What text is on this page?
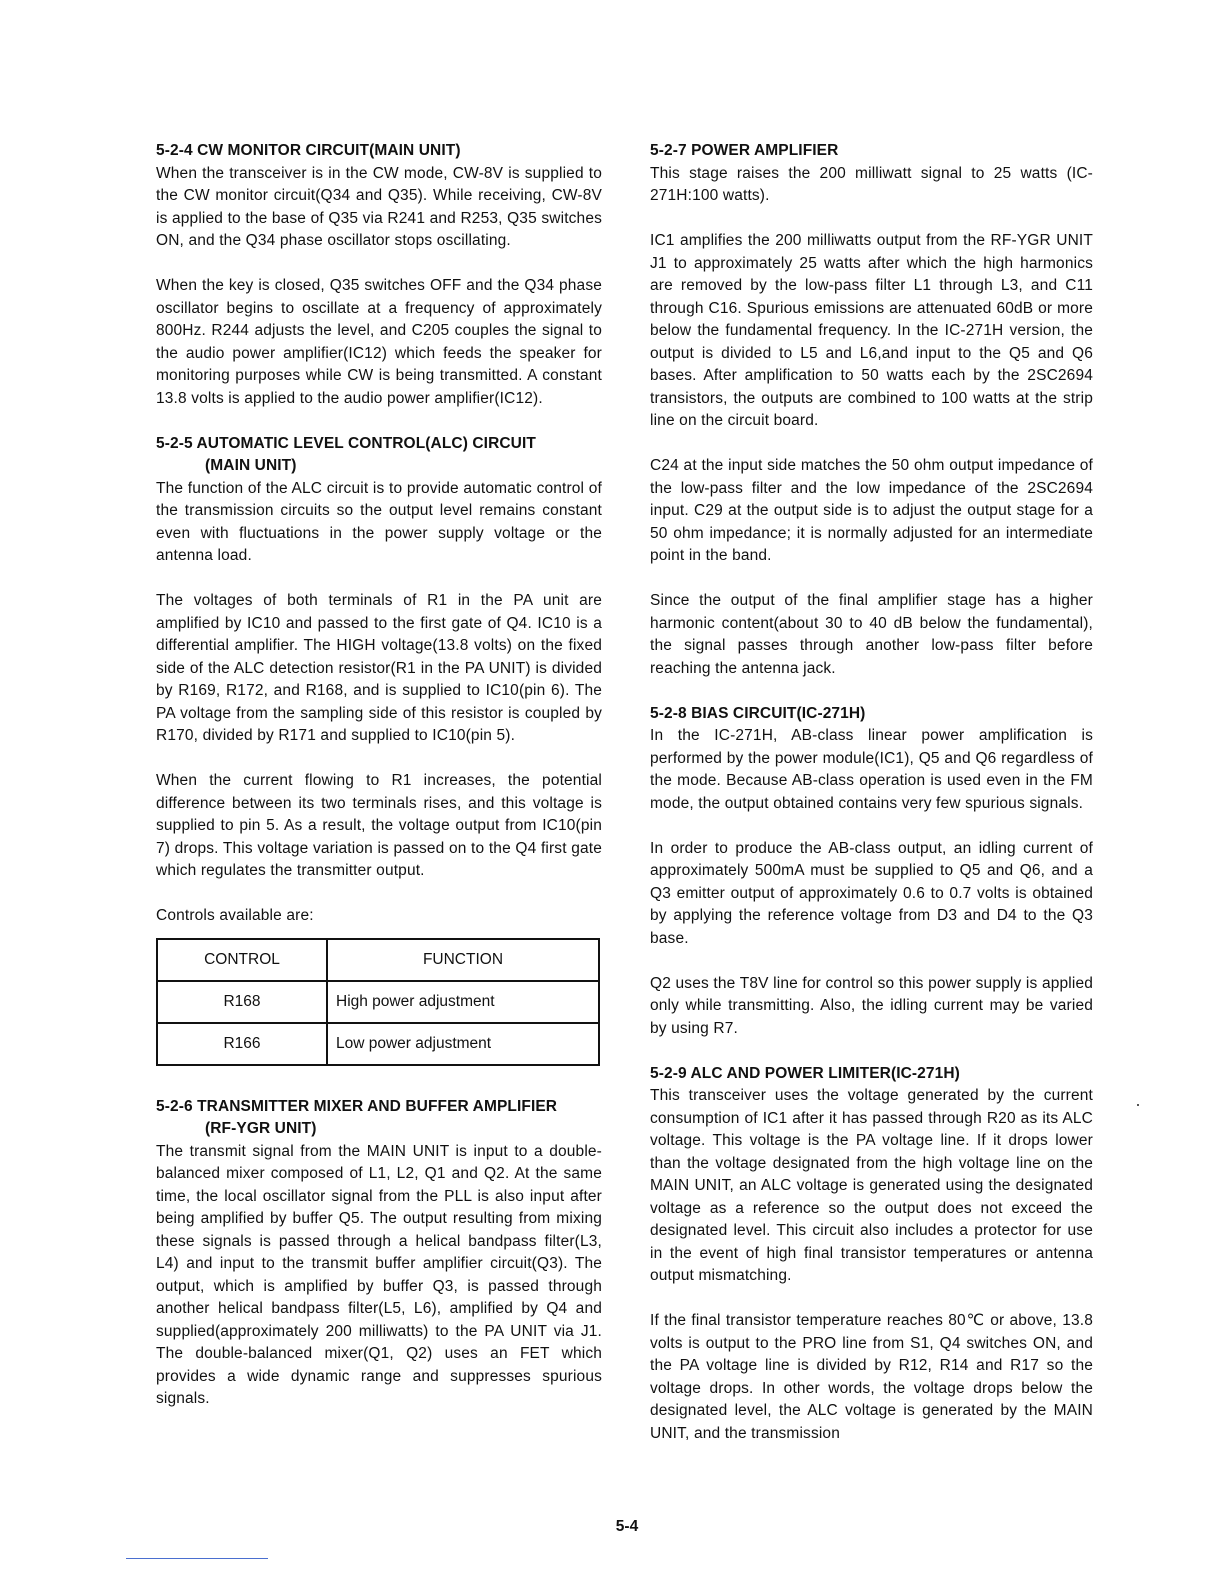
5-2-4 CW MONITOR CIRCUIT(MAIN UNIT)

When the transceiver is in the CW mode, CW-8V is supplied to the CW monitor circuit(Q34 and Q35). While receiving, CW-8V is applied to the base of Q35 via R241 and R253, Q35 switches ON, and the Q34 phase oscillator stops oscillating.

When the key is closed, Q35 switches OFF and the Q34 phase oscillator begins to oscillate at a frequency of approximately 800Hz. R244 adjusts the level, and C205 couples the signal to the audio power amplifier(IC12) which feeds the speaker for monitoring purposes while CW is being transmitted. A constant 13.8 volts is applied to the audio power amplifier(IC12).

5-2-5 AUTOMATIC LEVEL CONTROL(ALC) CIRCUIT
(MAIN UNIT)

The function of the ALC circuit is to provide automatic control of the transmission circuits so the output level remains constant even with fluctuations in the power supply voltage or the antenna load.

The voltages of both terminals of R1 in the PA unit are amplified by IC10 and passed to the first gate of Q4. IC10 is a differential amplifier. The HIGH voltage(13.8 volts) on the fixed side of the ALC detection resistor(R1 in the PA UNIT) is divided by R169, R172, and R168, and is supplied to IC10(pin 6). The PA voltage from the sampling side of this resistor is coupled by R170, divided by R171 and supplied to IC10(pin 5).

When the current flowing to R1 increases, the potential difference between its two terminals rises, and this voltage is supplied to pin 5. As a result, the voltage output from IC10(pin 7) drops. This voltage variation is passed on to the Q4 first gate which regulates the transmitter output.

Controls available are:

CONTROL	FUNCTION
R168	High power adjustment
R166	Low power adjustment
5-2-6 TRANSMITTER MIXER AND BUFFER AMPLIFIER
(RF-YGR UNIT)

The transmit signal from the MAIN UNIT is input to a double-balanced mixer composed of L1, L2, Q1 and Q2. At the same time, the local oscillator signal from the PLL is also input after being amplified by buffer Q5. The output resulting from mixing these signals is passed through a helical bandpass filter(L3, L4) and input to the transmit buffer amplifier circuit(Q3). The output, which is amplified by buffer Q3, is passed through another helical bandpass filter(L5, L6), amplified by Q4 and supplied(approximately 200 milliwatts) to the PA UNIT via J1. The double-balanced mixer(Q1, Q2) uses an FET which provides a wide dynamic range and suppresses spurious signals.

5-2-7 POWER AMPLIFIER

This stage raises the 200 milliwatt signal to 25 watts (IC-271H:100 watts).

IC1 amplifies the 200 milliwatts output from the RF-YGR UNIT J1 to approximately 25 watts after which the high harmonics are removed by the low-pass filter L1 through L3, and C11 through C16. Spurious emissions are attenuated 60dB or more below the fundamental frequency. In the IC-271H version, the output is divided to L5 and L6,and input to the Q5 and Q6 bases. After amplification to 50 watts each by the 2SC2694 transistors, the outputs are combined to 100 watts at the strip line on the circuit board.

C24 at the input side matches the 50 ohm output impedance of the low-pass filter and the low impedance of the 2SC2694 input. C29 at the output side is to adjust the output stage for a 50 ohm impedance; it is normally adjusted for an intermediate point in the band.

Since the output of the final amplifier stage has a higher harmonic content(about 30 to 40 dB below the fundamental), the signal passes through another low-pass filter before reaching the antenna jack.

5-2-8 BIAS CIRCUIT(IC-271H)

In the IC-271H, AB-class linear power amplification is performed by the power module(IC1), Q5 and Q6 regardless of the mode. Because AB-class operation is used even in the FM mode, the output obtained contains very few spurious signals.

In order to produce the AB-class output, an idling current of approximately 500mA must be supplied to Q5 and Q6, and a Q3 emitter output of approximately 0.6 to 0.7 volts is obtained by applying the reference voltage from D3 and D4 to the Q3 base.

Q2 uses the T8V line for control so this power supply is applied only while transmitting. Also, the idling current may be varied by using R7.

5-2-9 ALC AND POWER LIMITER(IC-271H)

This transceiver uses the voltage generated by the current consumption of IC1 after it has passed through R20 as its ALC voltage. This voltage is the PA voltage line. If it drops lower than the voltage designated from the high voltage line on the MAIN UNIT, an ALC voltage is generated using the designated voltage as a reference so the output does not exceed the designated level. This circuit also includes a protector for use in the event of high final transistor temperatures or antenna output mismatching.

If the final transistor temperature reaches 80℃ or above, 13.8 volts is output to the PRO line from S1, Q4 switches ON, and the PA voltage line is divided by R12, R14 and R17 so the voltage drops. In other words, the voltage drops below the designated level, the ALC voltage is generated by the MAIN UNIT, and the transmission

5-4
